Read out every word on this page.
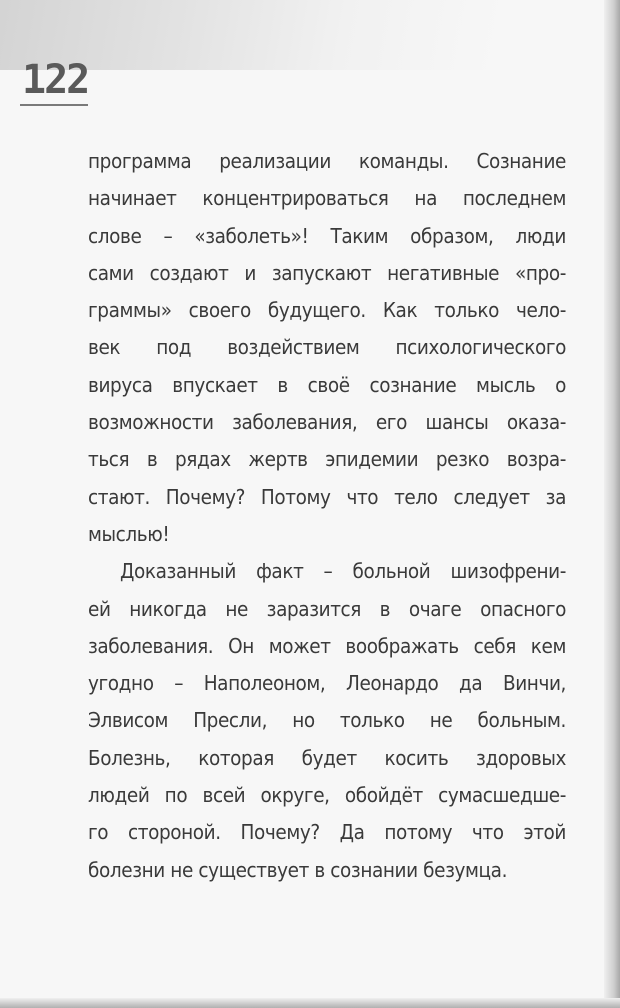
122
программа реализации команды. Сознание
начинает концентрироваться на последнем
слове – «заболеть»! Таким образом, люди
сами создают и запускают негативные «про-
граммы» своего будущего. Как только чело-
век под воздействием психологического
вируса впускает в своё сознание мысль о
возможности заболевания, его шансы оказа-
ться в рядах жертв эпидемии резко возра-
стают. Почему? Потому что тело следует за
мыслью!
Доказанный факт – больной шизофрени-
ей никогда не заразится в очаге опасного
заболевания. Он может воображать себя кем
угодно – Наполеоном, Леонардо да Винчи,
Элвисом Пресли, но только не больным.
Болезнь, которая будет косить здоровых
людей по всей округе, обойдёт сумасшедше-
го стороной. Почему? Да потому что этой
болезни не существует в сознании безумца.
